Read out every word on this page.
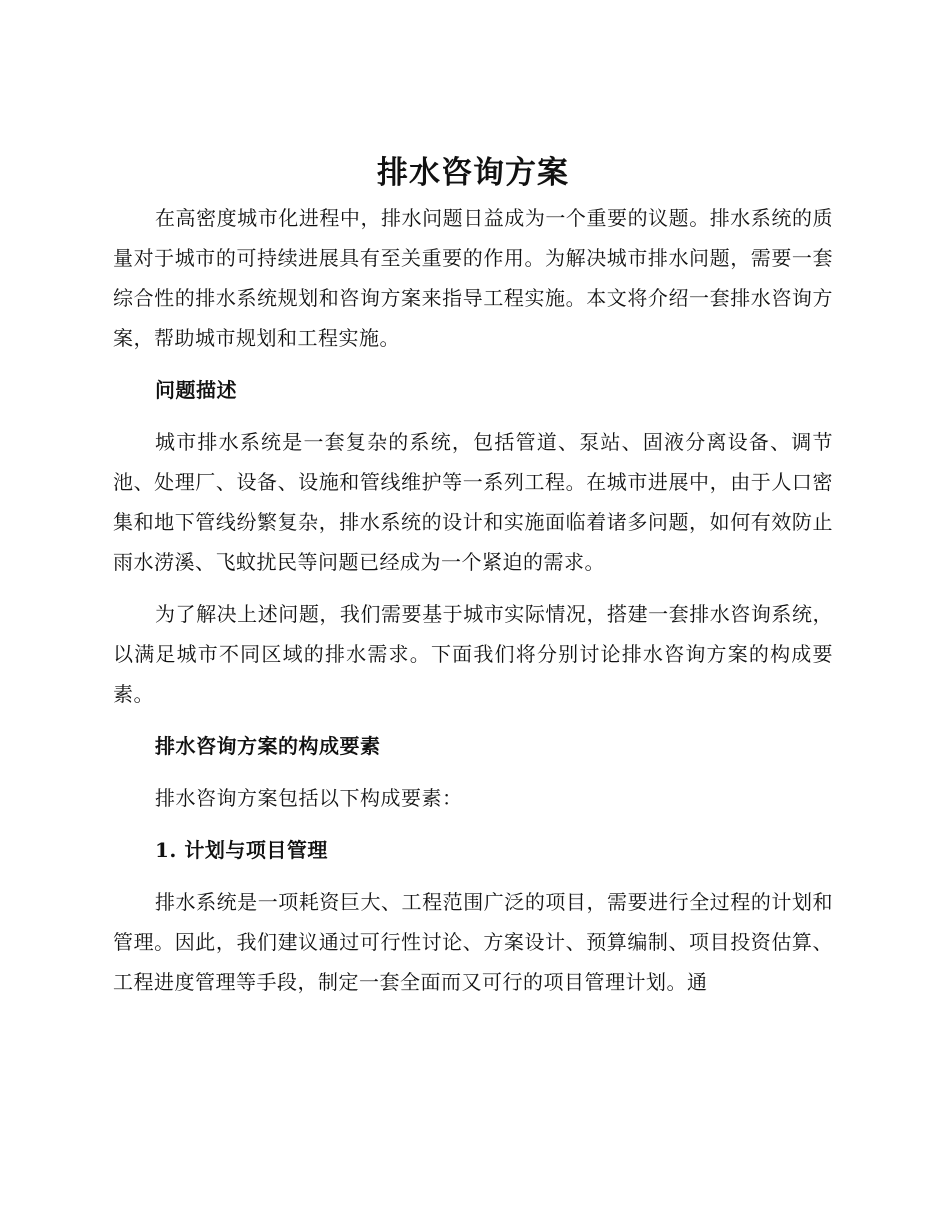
排水咨询方案

在高密度城市化进程中，排水问题日益成为一个重要的议题。排水系统的质量对于城市的可持续进展具有至关重要的作用。为解决城市排水问题，需要一套综合性的排水系统规划和咨询方案来指导工程实施。本文将介绍一套排水咨询方案，帮助城市规划和工程实施。

问题描述

城市排水系统是一套复杂的系统，包括管道、泵站、固液分离设备、调节池、处理厂、设备、设施和管线维护等一系列工程。在城市进展中，由于人口密集和地下管线纷繁复杂，排水系统的设计和实施面临着诸多问题，如何有效防止雨水涝溪、飞蚊扰民等问题已经成为一个紧迫的需求。

为了解决上述问题，我们需要基于城市实际情况，搭建一套排水咨询系统，以满足城市不同区域的排水需求。下面我们将分别讨论排水咨询方案的构成要素。

排水咨询方案的构成要素

排水咨询方案包括以下构成要素：

1. 计划与项目管理

排水系统是一项耗资巨大、工程范围广泛的项目，需要进行全过程的计划和管理。因此，我们建议通过可行性讨论、方案设计、预算编制、项目投资估算、工程进度管理等手段，制定一套全面而又可行的项目管理计划。通
